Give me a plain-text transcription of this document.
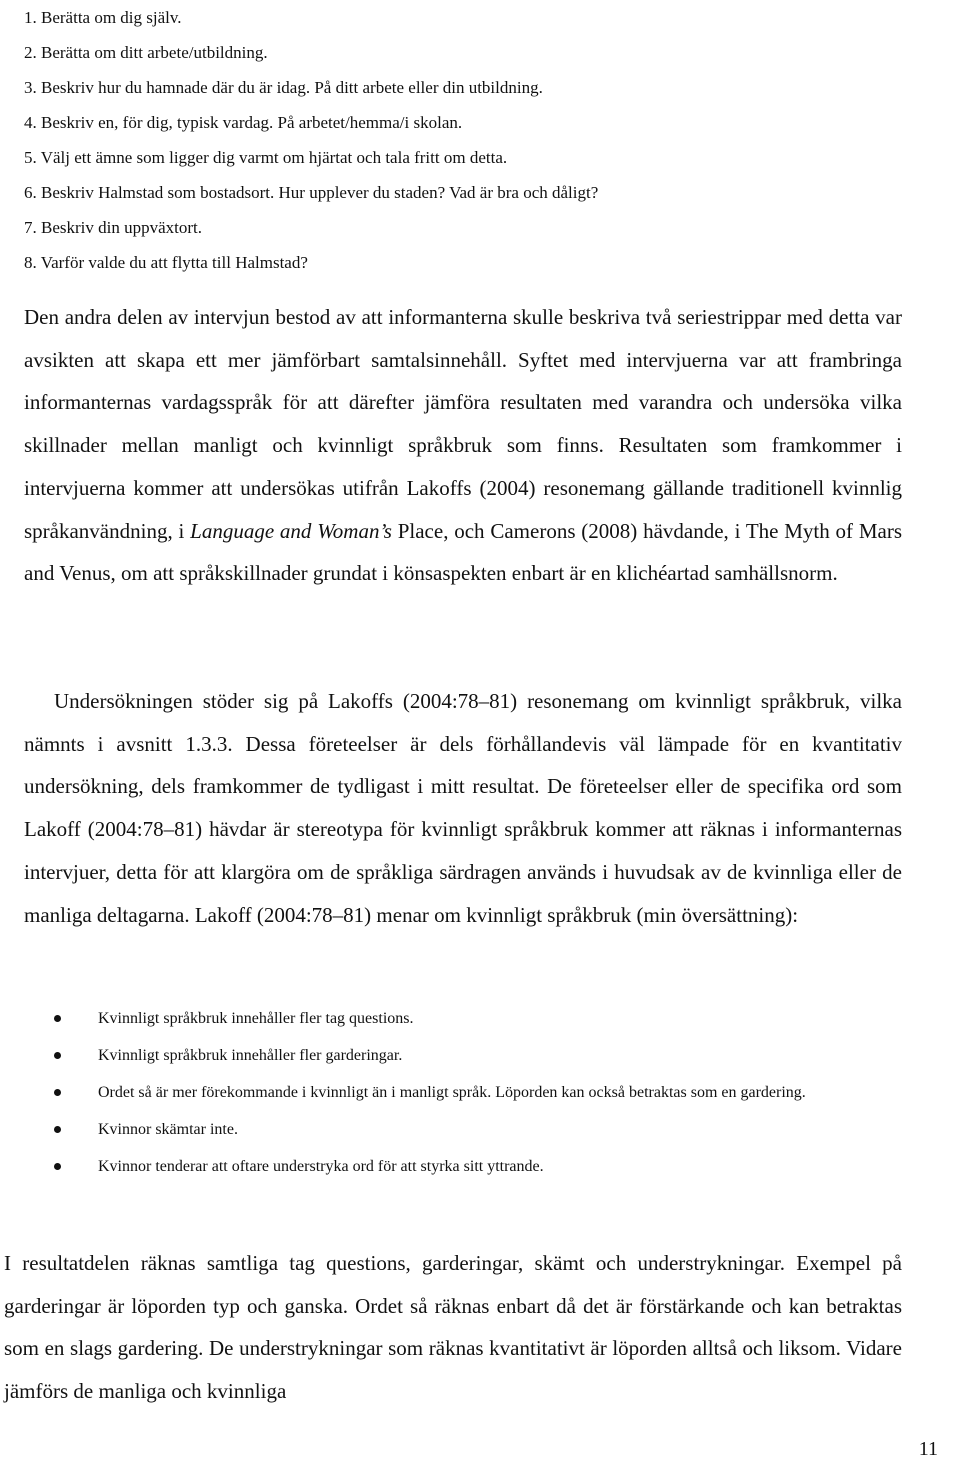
1. Berätta om dig själv.
2. Berätta om ditt arbete/utbildning.
3. Beskriv hur du hamnade där du är idag. På ditt arbete eller din utbildning.
4. Beskriv en, för dig, typisk vardag. På arbetet/hemma/i skolan.
5. Välj ett ämne som ligger dig varmt om hjärtat och tala fritt om detta.
6. Beskriv Halmstad som bostadsort. Hur upplever du staden? Vad är bra och dåligt?
7. Beskriv din uppväxtort.
8. Varför valde du att flytta till Halmstad?

Den andra delen av intervjun bestod av att informanterna skulle beskriva två seriestrippar med detta var avsikten att skapa ett mer jämförbart samtalsinnehåll. Syftet med intervjuerna var att frambringa informanternas vardagsspråk för att därefter jämföra resultaten med varandra och undersöka vilka skillnader mellan manligt och kvinnligt språkbruk som finns. Resultaten som framkommer i intervjuerna kommer att undersökas utifrån Lakoffs (2004) resonemang gällande traditionell kvinnlig språkanvändning, i Language and Woman’s Place, och Camerons (2008) hävdande, i The Myth of Mars and Venus, om att språkskillnader grundat i könsaspekten enbart är en klichéartad samhällsnorm.

Undersökningen stöder sig på Lakoffs (2004:78–81) resonemang om kvinnligt språkbruk, vilka nämnts i avsnitt 1.3.3. Dessa företeelser är dels förhållandevis väl lämpade för en kvantitativ undersökning, dels framkommer de tydligast i mitt resultat. De företeelser eller de specifika ord som Lakoff (2004:78–81) hävdar är stereotypa för kvinnligt språkbruk kommer att räknas i informanternas intervjuer, detta för att klargöra om de språkliga särdragen används i huvudsak av de kvinnliga eller de manliga deltagarna. Lakoff (2004:78–81) menar om kvinnligt språkbruk (min översättning):

Kvinnligt språkbruk innehåller fler tag questions.
Kvinnligt språkbruk innehåller fler garderingar.
Ordet så är mer förekommande i kvinnligt än i manligt språk. Löporden kan också betraktas som en gardering.
Kvinnor skämtar inte.
Kvinnor tenderar att oftare understryka ord för att styrka sitt yttrande.

I resultatdelen räknas samtliga tag questions, garderingar, skämt och understrykningar. Exempel på garderingar är löporden typ och ganska. Ordet så räknas enbart då det är förstärkande och kan betraktas som en slags gardering. De understrykningar som räknas kvantitativt är löporden alltså och liksom. Vidare jämförs de manliga och kvinnliga

11
